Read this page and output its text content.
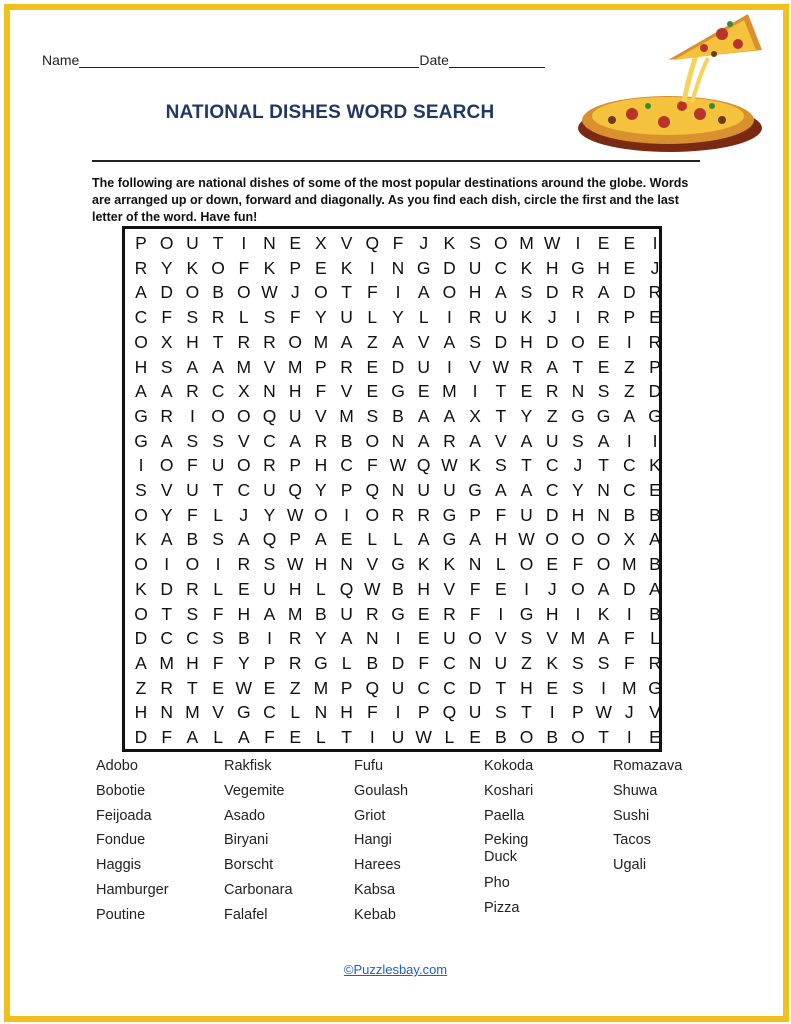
Name	Date
NATIONAL DISHES WORD SEARCH
The following are national dishes of some of the most popular destinations around the globe. Words are arranged up or down, forward and diagonally. As you find each dish, circle the first and the last letter of the word. Have fun!
P O U T	I N E X V Q F J K S O M W I E E I
R Y K O F K P E K I N G D U C K H G H E J
A D O B O W J O T F	I A O H A S D R A D R
C F S R L S F Y U L Y L	I R U K J	I R P E
O X H T R R O M A Z A V A S D H D O E I R
H S A A M V M P R E D U I V W R A T E Z P
A A R C X N H F V E G E M I	T E R N S Z D
G R I O O Q U V M S B A A X T Y Z G G A G
G A S S V C A R B O N A R A V A U S A I	I
I O F U O R P H C F W Q W K S T C J T C K
S V U T C U Q Y P Q N U U G A A C Y N C E
O Y F L J Y W O I O R R G P F U D H N B B
K A B S A Q P A E L L A G A H W O O O X A
O I O I R S W H N V G K K N L O E F O M B
K D R L E U H L Q W B H V F E I	J O A D A
O T S F H A M B U R G E R F	I G H I K I B
D C C S B I R Y A N I E U O V S V M A F L
A M H F Y P R G L B D F C N U Z K S S F R
Z R T E W E Z M P Q U C C D T H E S I M G
H N M V G C L N H F	I P Q U S T	I P W J V
D F A L A F E L T	I U W L E B O B O T	I E
Adobo
Bobotie
Feijoada
Fondue
Haggis
Hamburger
Poutine
Rakfisk
Vegemite
Asado
Biryani
Borscht
Carbonara
Falafel
Fufu
Goulash
Griot
Hangi
Harees
Kabsa
Kebab
Kokoda
Koshari
Paella
Peking Duck
Pho
Pizza
Romazava
Shuwa
Sushi
Tacos
Ugali
©Puzzlesbay.com
